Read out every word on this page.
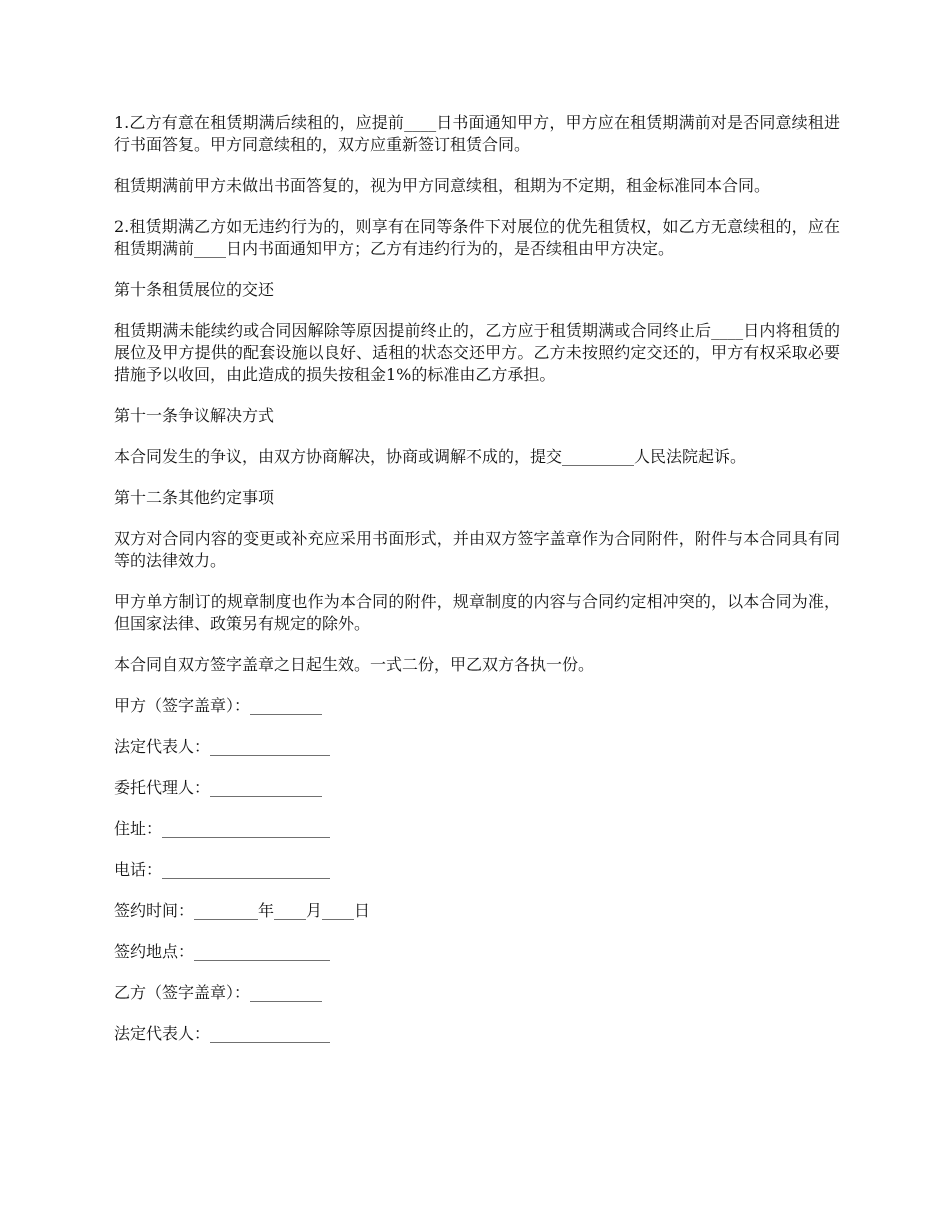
1.乙方有意在租赁期满后续租的，应提前____日书面通知甲方，甲方应在租赁期满前对是否同意续租进行书面答复。甲方同意续租的，双方应重新签订租赁合同。

租赁期满前甲方未做出书面答复的，视为甲方同意续租，租期为不定期，租金标准同本合同。

2.租赁期满乙方如无违约行为的，则享有在同等条件下对展位的优先租赁权，如乙方无意续租的，应在租赁期满前____日内书面通知甲方；乙方有违约行为的，是否续租由甲方决定。

第十条租赁展位的交还

租赁期满未能续约或合同因解除等原因提前终止的，乙方应于租赁期满或合同终止后____日内将租赁的展位及甲方提供的配套设施以良好、适租的状态交还甲方。乙方未按照约定交还的，甲方有权采取必要措施予以收回，由此造成的损失按租金1%的标准由乙方承担。

第十一条争议解决方式

本合同发生的争议，由双方协商解决，协商或调解不成的，提交_________人民法院起诉。

第十二条其他约定事项

双方对合同内容的变更或补充应采用书面形式，并由双方签字盖章作为合同附件，附件与本合同具有同等的法律效力。

甲方单方制订的规章制度也作为本合同的附件，规章制度的内容与合同约定相冲突的，以本合同为准，但国家法律、政策另有规定的除外。

本合同自双方签字盖章之日起生效。一式二份，甲乙双方各执一份。

甲方（签字盖章）：_________

法定代表人：_______________

委托代理人：______________

住址：_____________________

电话：_____________________

签约时间：________年____月____日

签约地点：_________________

乙方（签字盖章）：_________

法定代表人：_______________
